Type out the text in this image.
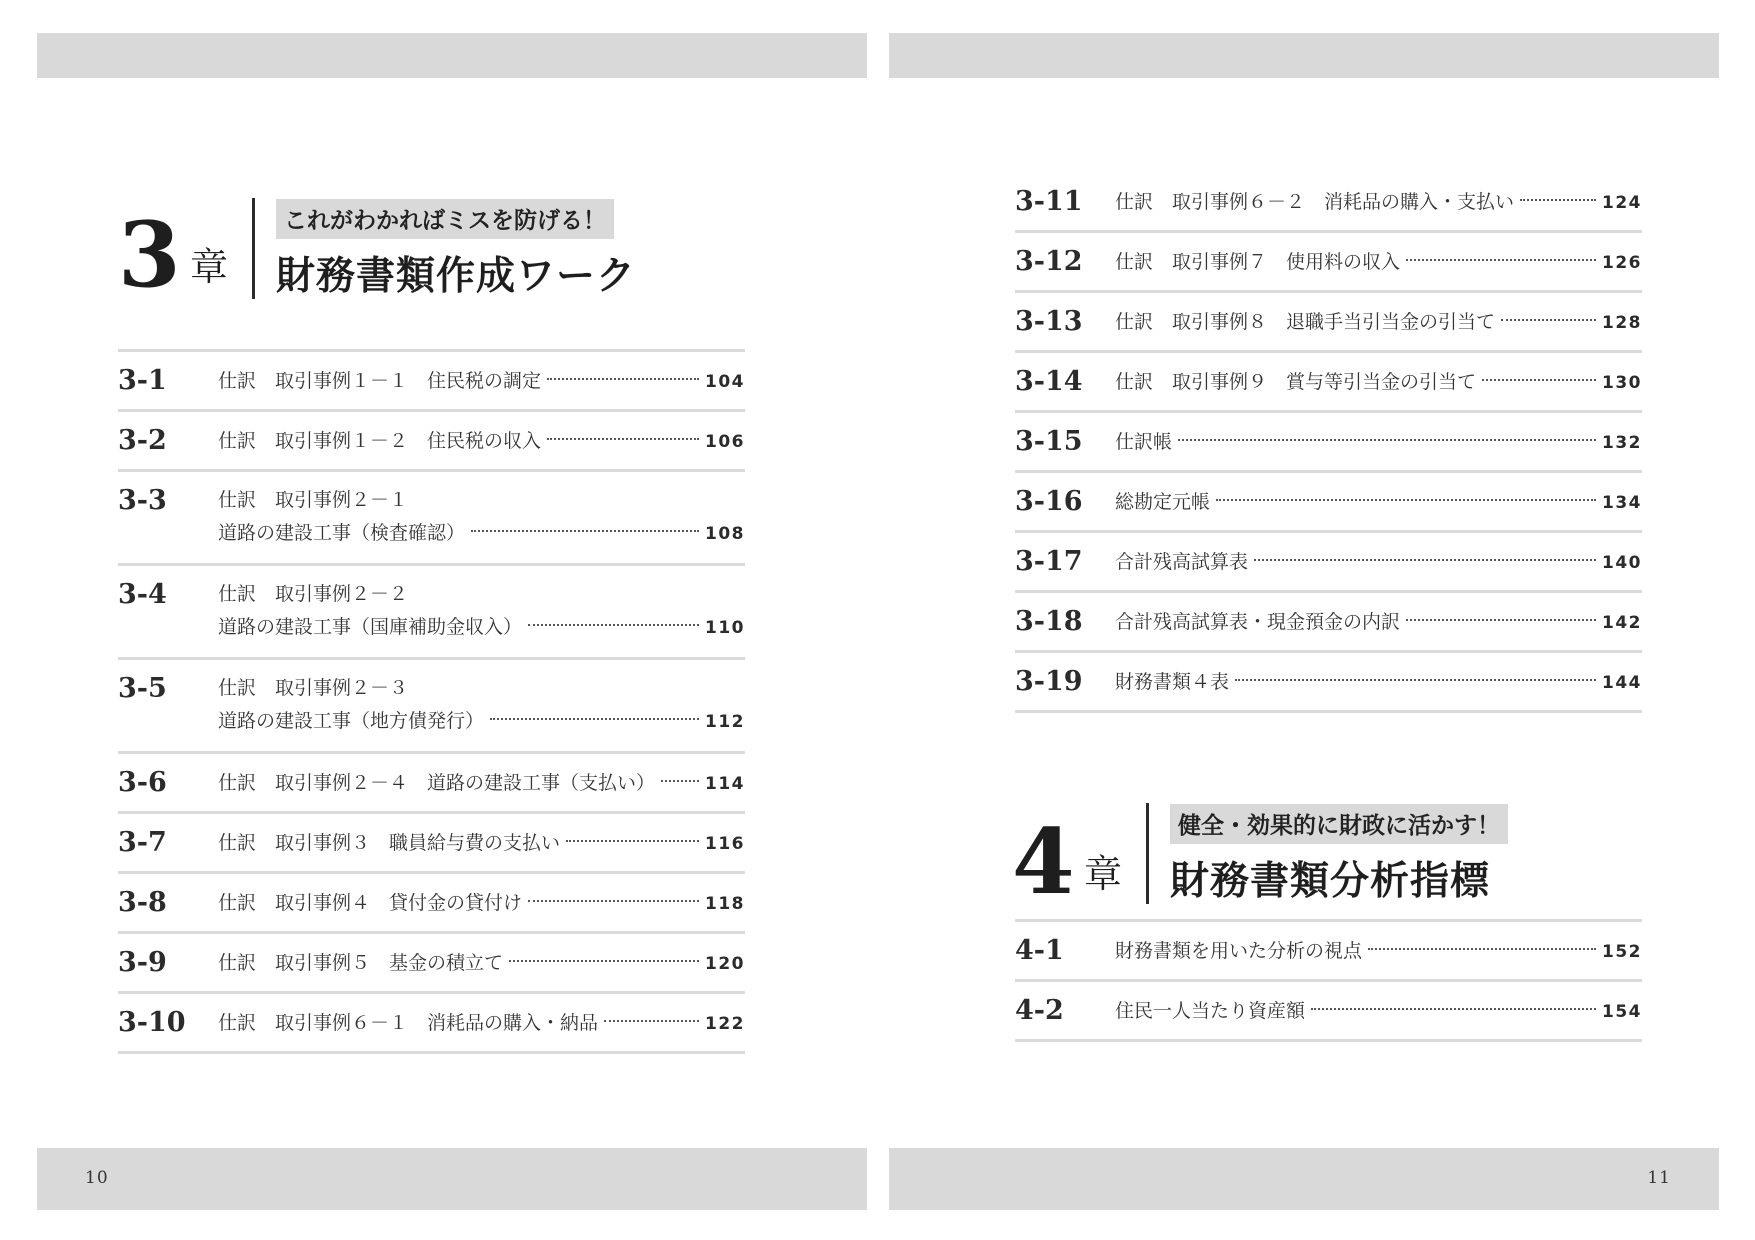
3 章
これがわかればミスを防げる！
財務書類作成ワーク
3-1	仕訳　取引事例１－１　住民税の調定	104
3-2	仕訳　取引事例１－２　住民税の収入	106
3-3	仕訳　取引事例２－１
道路の建設工事（検査確認）	108
3-4	仕訳　取引事例２－２
道路の建設工事（国庫補助金収入）	110
3-5	仕訳　取引事例２－３
道路の建設工事（地方債発行）	112
3-6	仕訳　取引事例２－４　道路の建設工事（支払い）	114
3-7	仕訳　取引事例３　職員給与費の支払い	116
3-8	仕訳　取引事例４　貸付金の貸付け	118
3-9	仕訳　取引事例５　基金の積立て	120
3-10 仕訳　取引事例６－１　消耗品の購入・納品	122
3-11 仕訳　取引事例６－２　消耗品の購入・支払い	124
3-12 仕訳　取引事例７　使用料の収入	126
3-13 仕訳　取引事例８　退職手当引当金の引当て	128
3-14 仕訳　取引事例９　賞与等引当金の引当て	130
3-15 仕訳帳	132
3-16 総勘定元帳	134
3-17 合計残高試算表	140
3-18 合計残高試算表・現金預金の内訳	142
3-19 財務書類４表	144
4 章
健全・効果的に財政に活かす！
財務書類分析指標
4-1	財務書類を用いた分析の視点	152
4-2	住民一人当たり資産額	154
10	11
